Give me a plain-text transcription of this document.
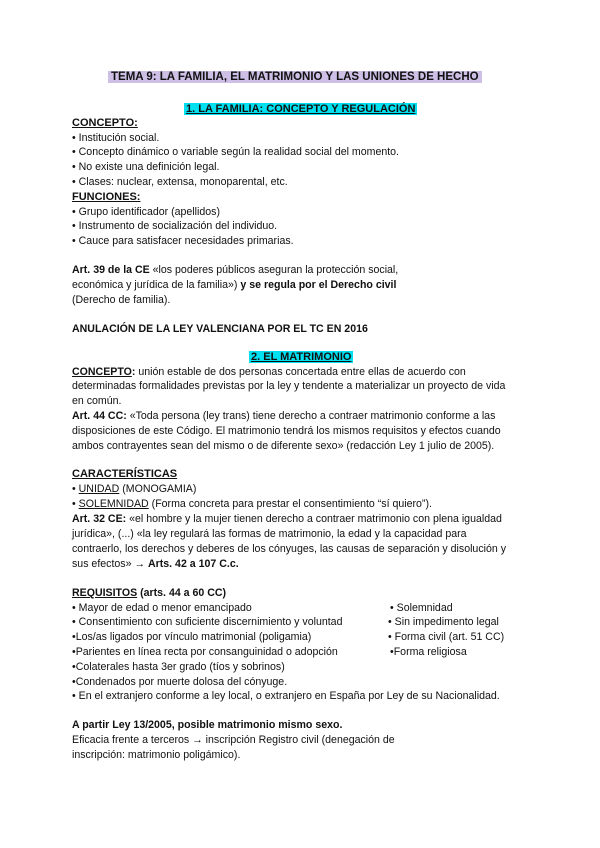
TEMA 9: LA FAMILIA, EL MATRIMONIO Y LAS UNIONES DE HECHO
1. LA FAMILIA: CONCEPTO Y REGULACIÓN
CONCEPTO:
• Institución social.
• Concepto dinámico o variable según la realidad social del momento.
• No existe una definición legal.
• Clases: nuclear, extensa, monoparental, etc.
FUNCIONES:
• Grupo identificador (apellidos)
• Instrumento de socialización del individuo.
• Cauce para satisfacer necesidades primarias.
Art. 39 de la CE «los poderes públicos aseguran la protección social,
económica y jurídica de la familia») y se regula por el Derecho civil
(Derecho de familia).
ANULACIÓN DE LA LEY VALENCIANA POR EL TC EN 2016
2. EL MATRIMONIO
CONCEPTO: unión estable de dos personas concertada entre ellas de acuerdo con
determinadas formalidades previstas por la ley y tendente a materializar un proyecto de vida
en común.
Art. 44 CC: «Toda persona (ley trans) tiene derecho a contraer matrimonio conforme a las
disposiciones de este Código. El matrimonio tendrá los mismos requisitos y efectos cuando
ambos contrayentes sean del mismo o de diferente sexo» (redacción Ley 1 julio de 2005).
CARACTERÍSTICAS
• UNIDAD (MONOGAMIA)
• SOLEMNIDAD (Forma concreta para prestar el consentimiento “sí quiero”).
Art. 32 CE: «el hombre y la mujer tienen derecho a contraer matrimonio con plena igualdad
jurídica», (...) «la ley regulará las formas de matrimonio, la edad y la capacidad para
contraerlo, los derechos y deberes de los cónyuges, las causas de separación y disolución y
sus efectos» → Arts. 42 a 107 C.c.
REQUISITOS (arts. 44 a 60 CC)
• Mayor de edad o menor emancipado
• Consentimiento con suficiente discernimiento y voluntad
•Los/as ligados por vínculo matrimonial (poligamia)
•Parientes en línea recta por consanguinidad o adopción
•Colaterales hasta 3er grado (tíos y sobrinos)
•Condenados por muerte dolosa del cónyuge.
• Solemnidad
• Sin impedimento legal
• Forma civil (art. 51 CC)
•Forma religiosa
• En el extranjero conforme a ley local, o extranjero en España por Ley de su Nacionalidad.
A partir Ley 13/2005, posible matrimonio mismo sexo.
Eficacia frente a terceros → inscripción Registro civil (denegación de
inscripción: matrimonio poligámico).
